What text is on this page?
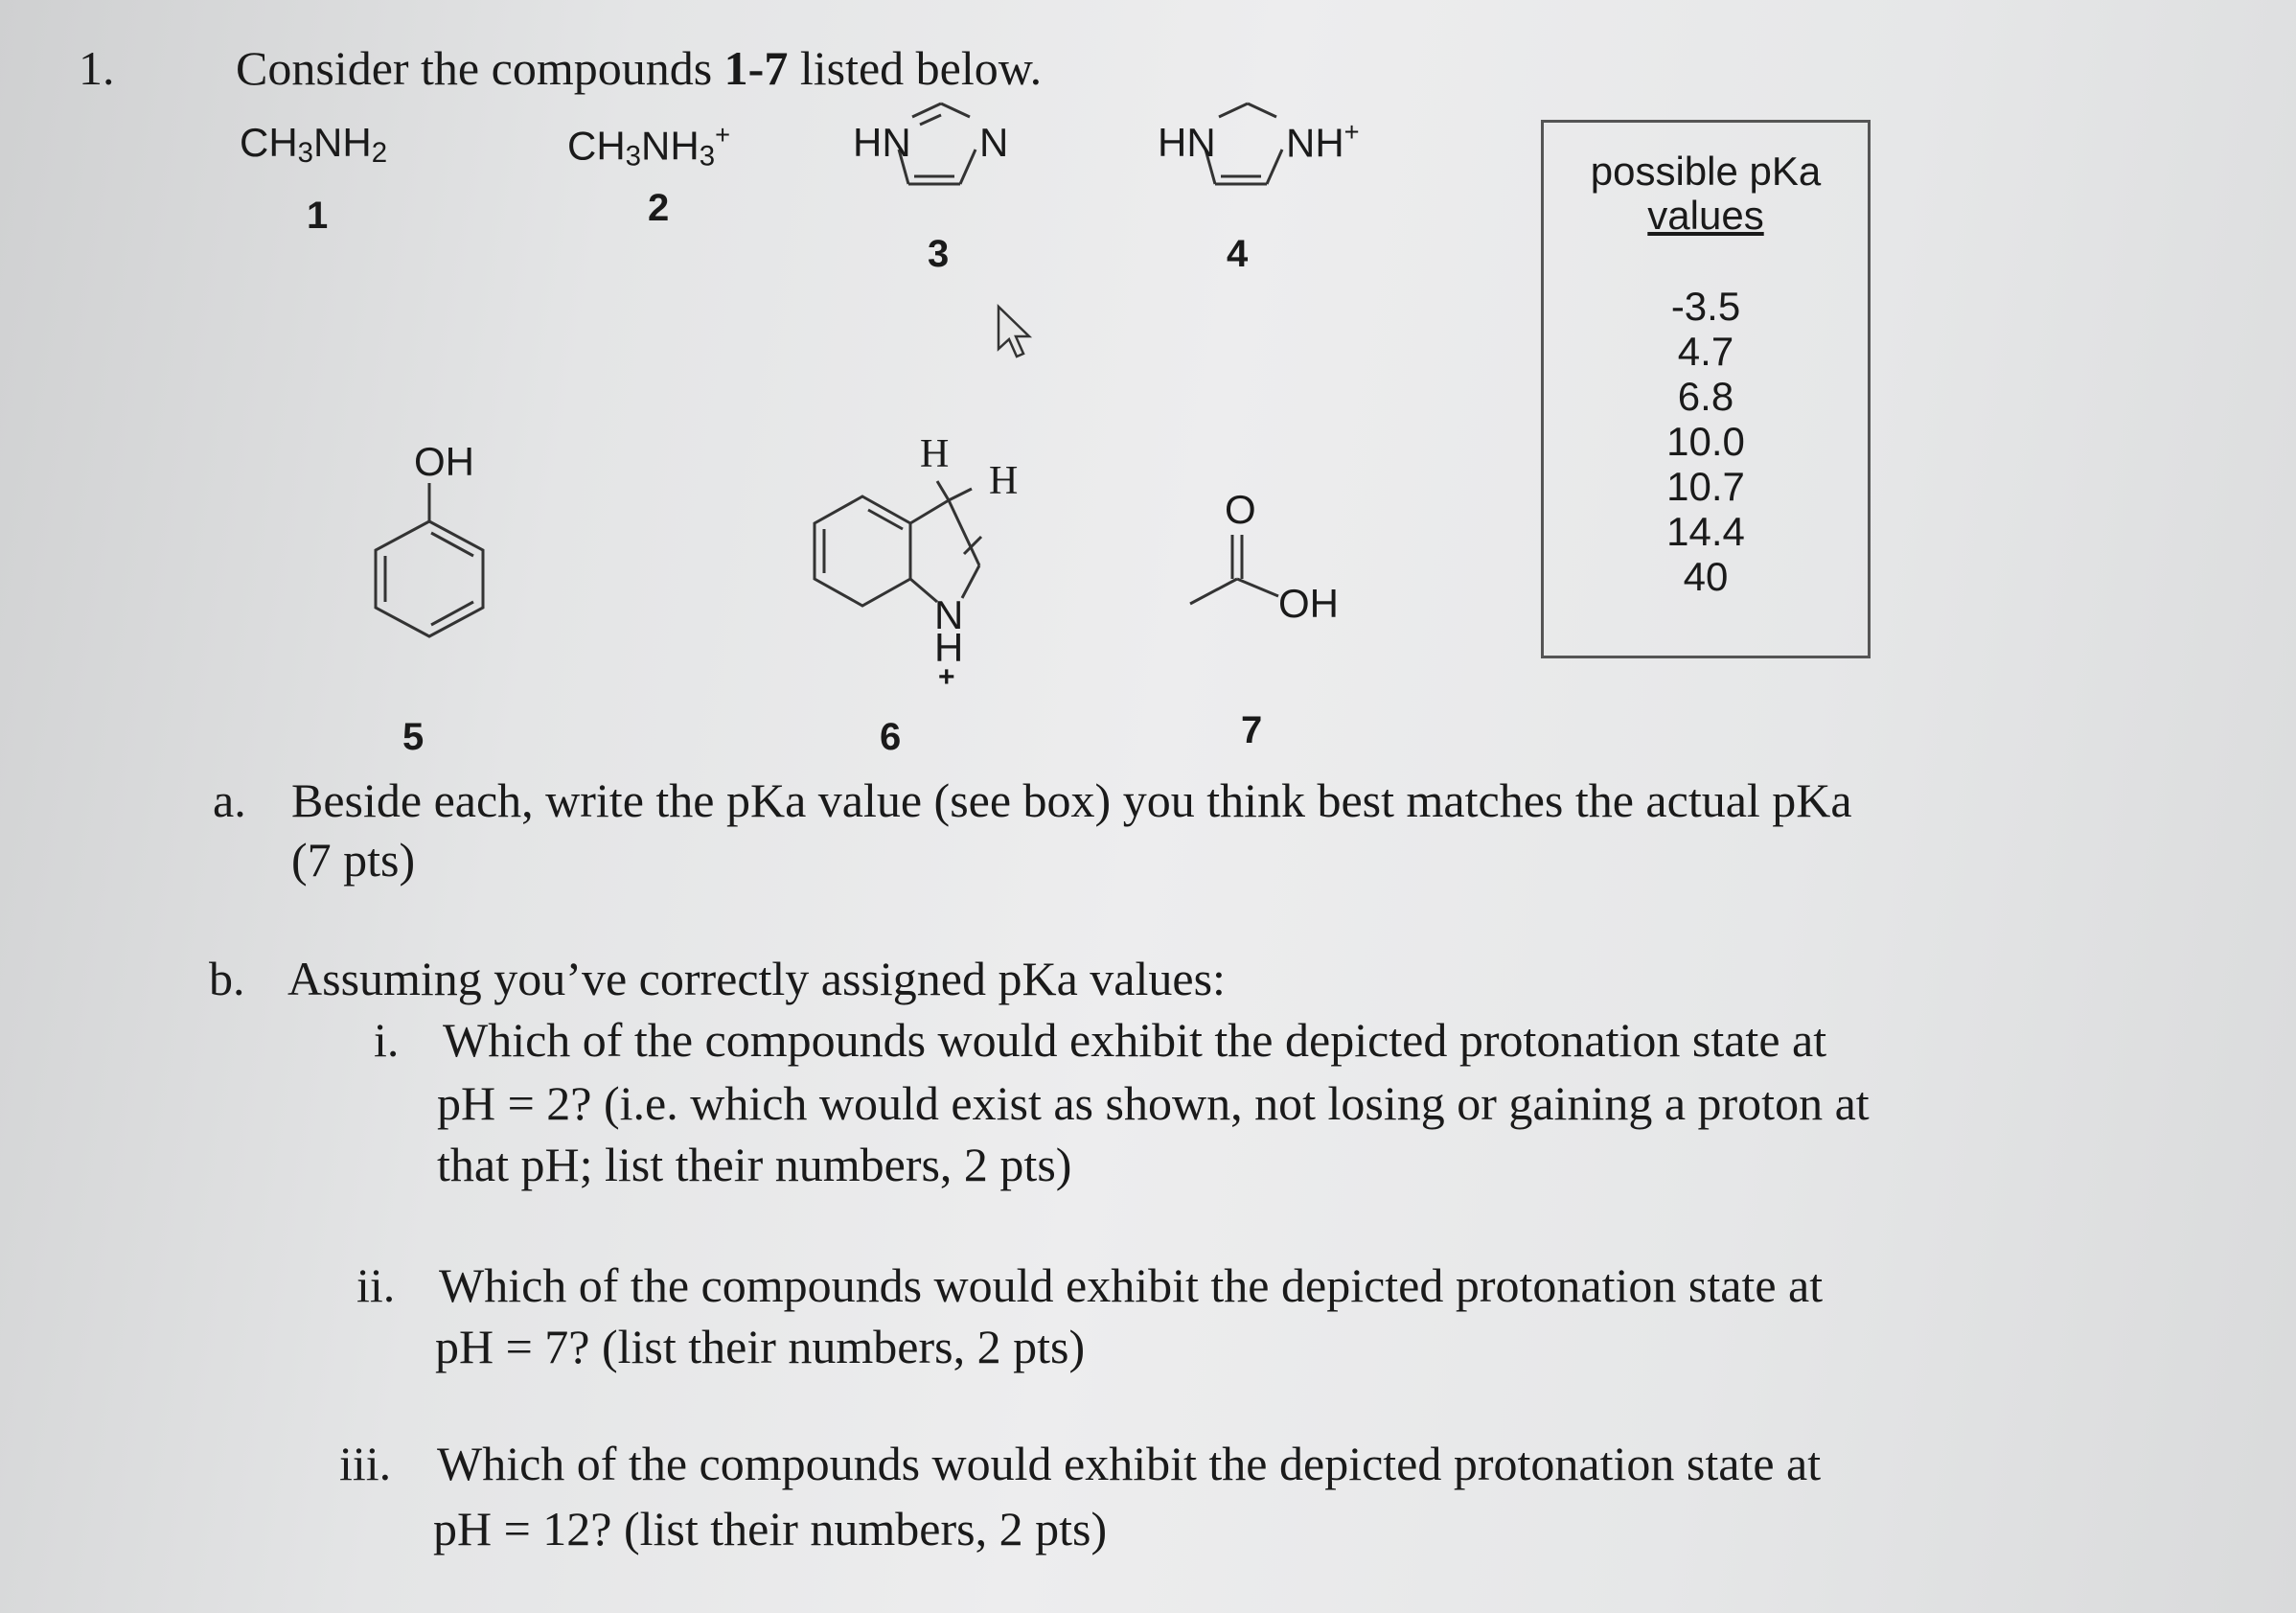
1.	Consider the compounds 1-7 listed below.
$CH_3NH_2$
1
$CH_3NH_3^+$
2
HN N
3
HN NH+
4
OH
5
H
H
N
H
+
6
O
OH
7
possible pKa
values
-3.5
4.7
6.8
10.0
10.7
14.4
40
a. Beside each, write the pKa value (see box) you think best matches the actual pKa
(7 pts)
b. Assuming you’ve correctly assigned pKa values:
i. Which of the compounds would exhibit the depicted protonation state at
pH = 2? (i.e. which would exist as shown, not losing or gaining a proton at
that pH; list their numbers, 2 pts)
ii. Which of the compounds would exhibit the depicted protonation state at
pH = 7? (list their numbers, 2 pts)
iii. Which of the compounds would exhibit the depicted protonation state at
pH = 12? (list their numbers, 2 pts)
